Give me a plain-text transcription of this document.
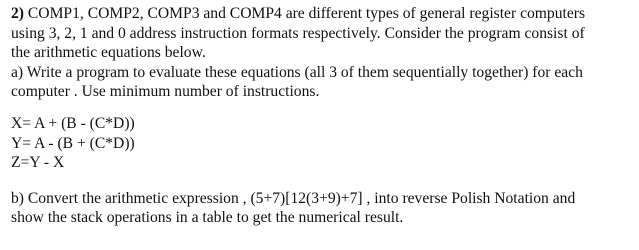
2) COMP1, COMP2, COMP3 and COMP4 are different types of general register computers
using 3, 2, 1 and 0 address instruction formats respectively. Consider the program consist of
the arithmetic equations below.
a) Write a program to evaluate these equations (all 3 of them sequentially together) for each
computer . Use minimum number of instructions.
X= A + (B - (C*D))
Y= A - (B + (C*D))
Z=Y - X
b) Convert the arithmetic expression , (5+7)[12(3+9)+7] , into reverse Polish Notation and
show the stack operations in a table to get the numerical result.
